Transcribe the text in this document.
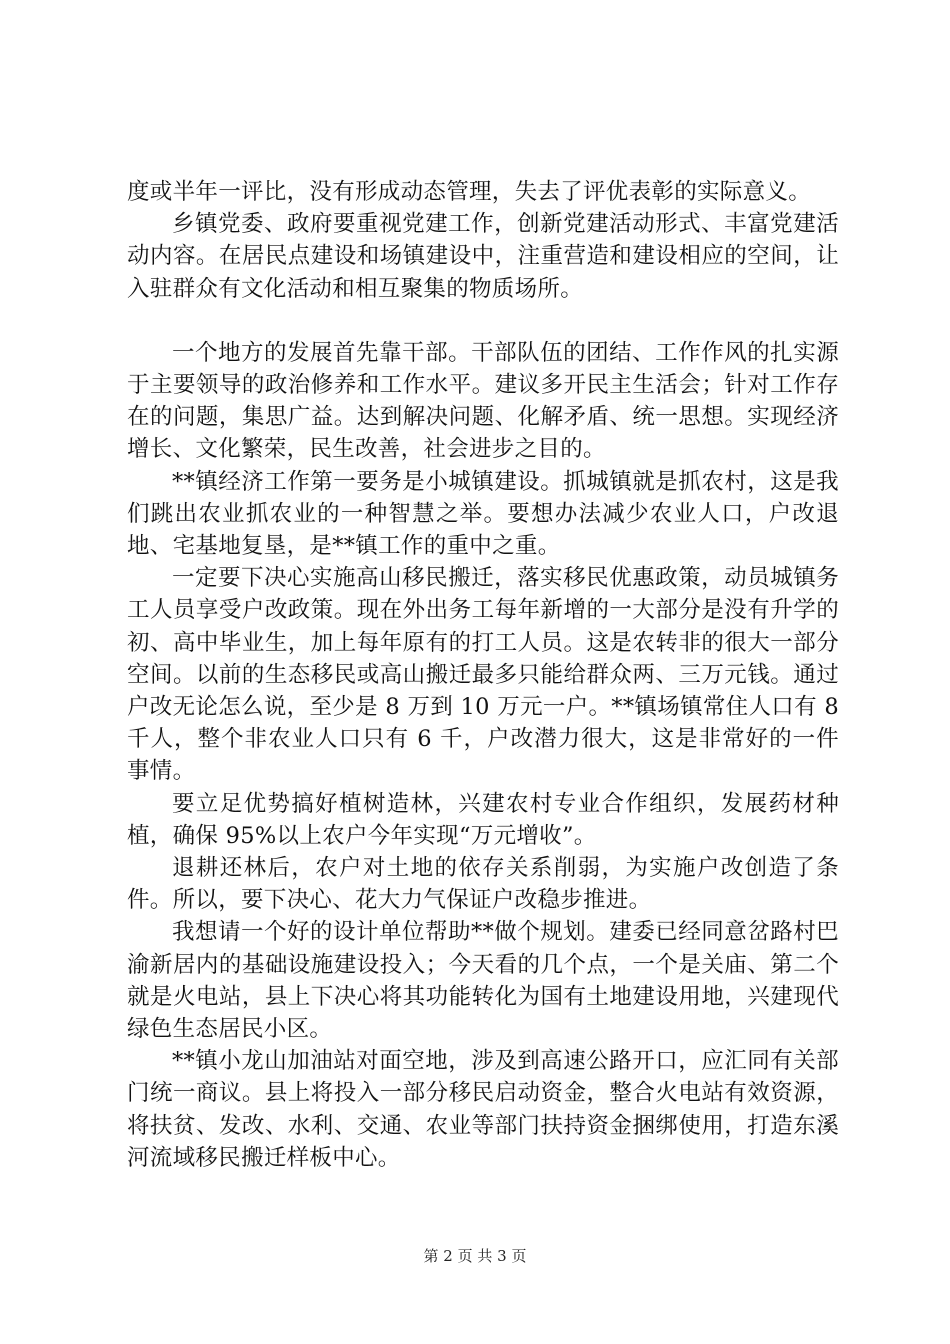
度或半年一评比，没有形成动态管理，失去了评优表彰的实际意义。

乡镇党委、政府要重视党建工作，创新党建活动形式、丰富党建活动内容。在居民点建设和场镇建设中，注重营造和建设相应的空间，让入驻群众有文化活动和相互聚集的物质场所。

一个地方的发展首先靠干部。干部队伍的团结、工作作风的扎实源于主要领导的政治修养和工作水平。建议多开民主生活会；针对工作存在的问题，集思广益。达到解决问题、化解矛盾、统一思想。实现经济增长、文化繁荣，民生改善，社会进步之目的。

**镇经济工作第一要务是小城镇建设。抓城镇就是抓农村，这是我们跳出农业抓农业的一种智慧之举。要想办法减少农业人口，户改退地、宅基地复垦，是**镇工作的重中之重。

一定要下决心实施高山移民搬迁，落实移民优惠政策，动员城镇务工人员享受户改政策。现在外出务工每年新增的一大部分是没有升学的初、高中毕业生，加上每年原有的打工人员。这是农转非的很大一部分空间。以前的生态移民或高山搬迁最多只能给群众两、三万元钱。通过户改无论怎么说，至少是 8 万到 10 万元一户。**镇场镇常住人口有 8 千人，整个非农业人口只有 6 千，户改潜力很大，这是非常好的一件事情。

要立足优势搞好植树造林，兴建农村专业合作组织，发展药材种植，确保 95%以上农户今年实现“万元增收”。

退耕还林后，农户对土地的依存关系削弱，为实施户改创造了条件。所以，要下决心、花大力气保证户改稳步推进。

我想请一个好的设计单位帮助**做个规划。建委已经同意岔路村巴渝新居内的基础设施建设投入；今天看的几个点，一个是关庙、第二个就是火电站，县上下决心将其功能转化为国有土地建设用地，兴建现代绿色生态居民小区。

**镇小龙山加油站对面空地，涉及到高速公路开口，应汇同有关部门统一商议。县上将投入一部分移民启动资金，整合火电站有效资源，将扶贫、发改、水利、交通、农业等部门扶持资金捆绑使用，打造东溪河流域移民搬迁样板中心。

第 2 页 共 3 页
